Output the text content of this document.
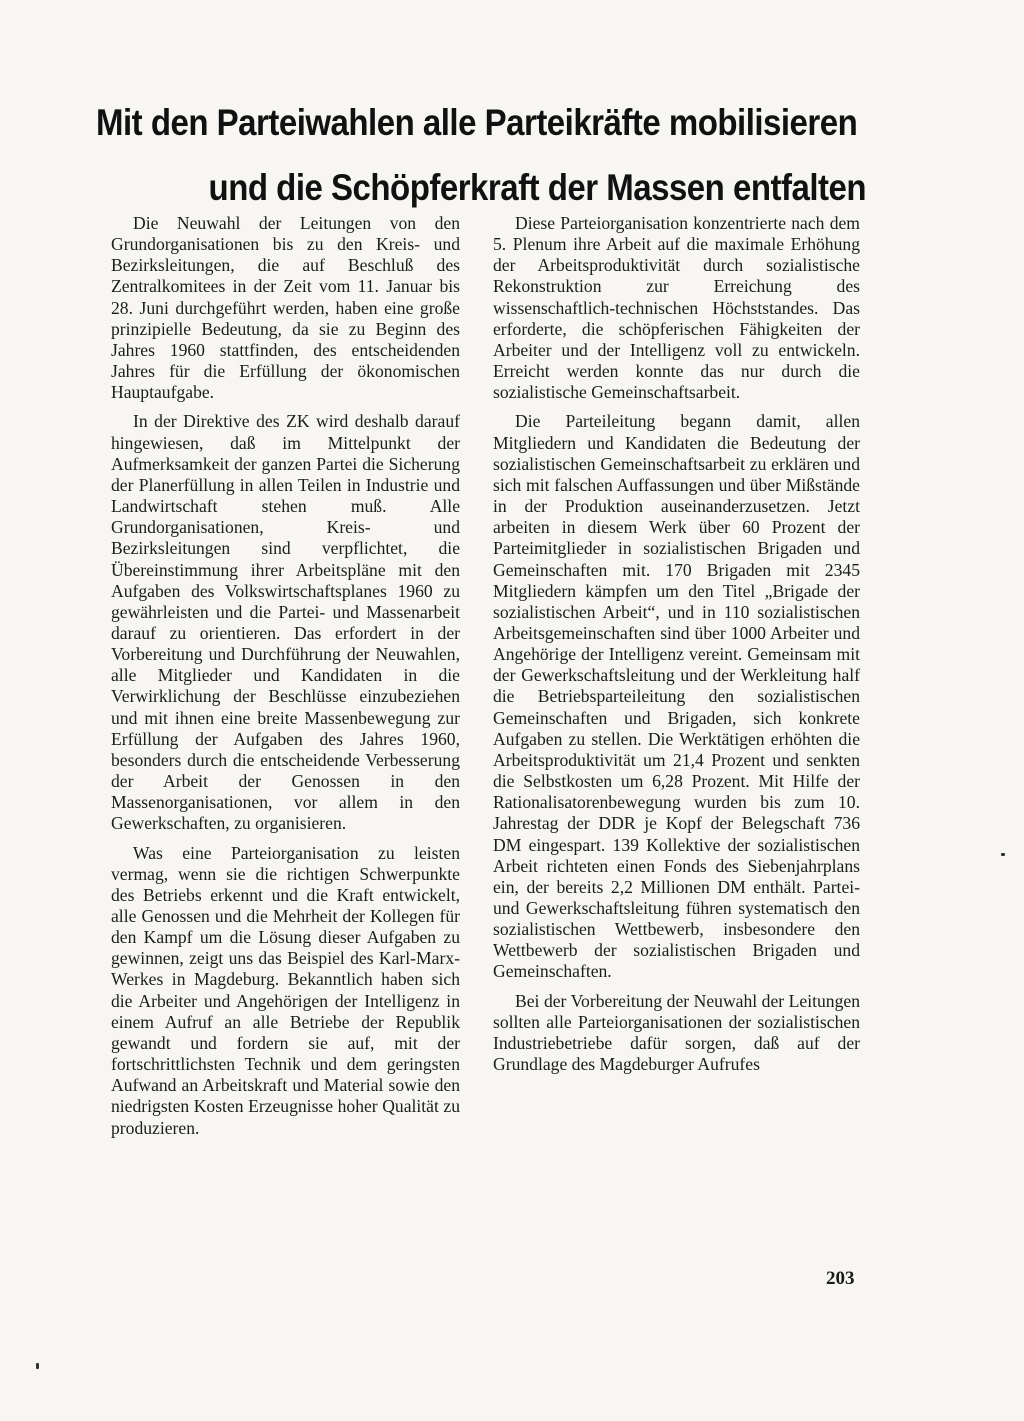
Mit den Parteiwahlen alle Parteikräfte mobilisieren
und die Schöpferkraft der Massen entfalten

Die Neuwahl der Leitungen von den Grundorganisationen bis zu den Kreis- und Bezirksleitungen, die auf Beschluß des Zentralkomitees in der Zeit vom 11. Januar bis 28. Juni durchgeführt werden, haben eine große prinzipielle Bedeutung, da sie zu Beginn des Jahres 1960 stattfinden, des entscheidenden Jahres für die Erfüllung der ökonomischen Hauptaufgabe.

In der Direktive des ZK wird deshalb darauf hingewiesen, daß im Mittelpunkt der Aufmerksamkeit der ganzen Partei die Sicherung der Planerfüllung in allen Teilen in Industrie und Landwirtschaft stehen muß. Alle Grundorganisationen, Kreis- und Bezirksleitungen sind verpflichtet, die Übereinstimmung ihrer Arbeitspläne mit den Aufgaben des Volkswirtschaftsplanes 1960 zu gewährleisten und die Partei- und Massenarbeit darauf zu orientieren. Das erfordert in der Vorbereitung und Durchführung der Neuwahlen, alle Mitglieder und Kandidaten in die Verwirklichung der Beschlüsse einzubeziehen und mit ihnen eine breite Massenbewegung zur Erfüllung der Aufgaben des Jahres 1960, besonders durch die entscheidende Verbesserung der Arbeit der Genossen in den Massenorganisationen, vor allem in den Gewerkschaften, zu organisieren.

Was eine Parteiorganisation zu leisten vermag, wenn sie die richtigen Schwerpunkte des Betriebs erkennt und die Kraft entwickelt, alle Genossen und die Mehrheit der Kollegen für den Kampf um die Lösung dieser Aufgaben zu gewinnen, zeigt uns das Beispiel des Karl-Marx-Werkes in Magdeburg. Bekanntlich haben sich die Arbeiter und Angehörigen der Intelligenz in einem Aufruf an alle Betriebe der Republik gewandt und fordern sie auf, mit der fortschrittlichsten Technik und dem geringsten Aufwand an Arbeitskraft und Material sowie den niedrigsten Kosten Erzeugnisse hoher Qualität zu produzieren.

Diese Parteiorganisation konzentrierte nach dem 5. Plenum ihre Arbeit auf die maximale Erhöhung der Arbeitsproduktivität durch sozialistische Rekonstruktion zur Erreichung des wissenschaftlich-technischen Höchststandes. Das erforderte, die schöpferischen Fähigkeiten der Arbeiter und der Intelligenz voll zu entwickeln. Erreicht werden konnte das nur durch die sozialistische Gemeinschaftsarbeit.

Die Parteileitung begann damit, allen Mitgliedern und Kandidaten die Bedeutung der sozialistischen Gemeinschaftsarbeit zu erklären und sich mit falschen Auffassungen und über Mißstände in der Produktion auseinanderzusetzen. Jetzt arbeiten in diesem Werk über 60 Prozent der Parteimitglieder in sozialistischen Brigaden und Gemeinschaften mit. 170 Brigaden mit 2345 Mitgliedern kämpfen um den Titel „Brigade der sozialistischen Arbeit“, und in 110 sozialistischen Arbeitsgemeinschaften sind über 1000 Arbeiter und Angehörige der Intelligenz vereint. Gemeinsam mit der Gewerkschaftsleitung und der Werkleitung half die Betriebsparteileitung den sozialistischen Gemeinschaften und Brigaden, sich konkrete Aufgaben zu stellen. Die Werktätigen erhöhten die Arbeitsproduktivität um 21,4 Prozent und senkten die Selbstkosten um 6,28 Prozent. Mit Hilfe der Rationalisatorenbewegung wurden bis zum 10. Jahrestag der DDR je Kopf der Belegschaft 736 DM eingespart. 139 Kollektive der sozialistischen Arbeit richteten einen Fonds des Siebenjahrplans ein, der bereits 2,2 Millionen DM enthält. Partei- und Gewerkschaftsleitung führen systematisch den sozialistischen Wettbewerb, insbesondere den Wettbewerb der sozialistischen Brigaden und Gemeinschaften.

Bei der Vorbereitung der Neuwahl der Leitungen sollten alle Parteiorganisationen der sozialistischen Industriebetriebe dafür sorgen, daß auf der Grundlage des Magdeburger Aufrufes

203
